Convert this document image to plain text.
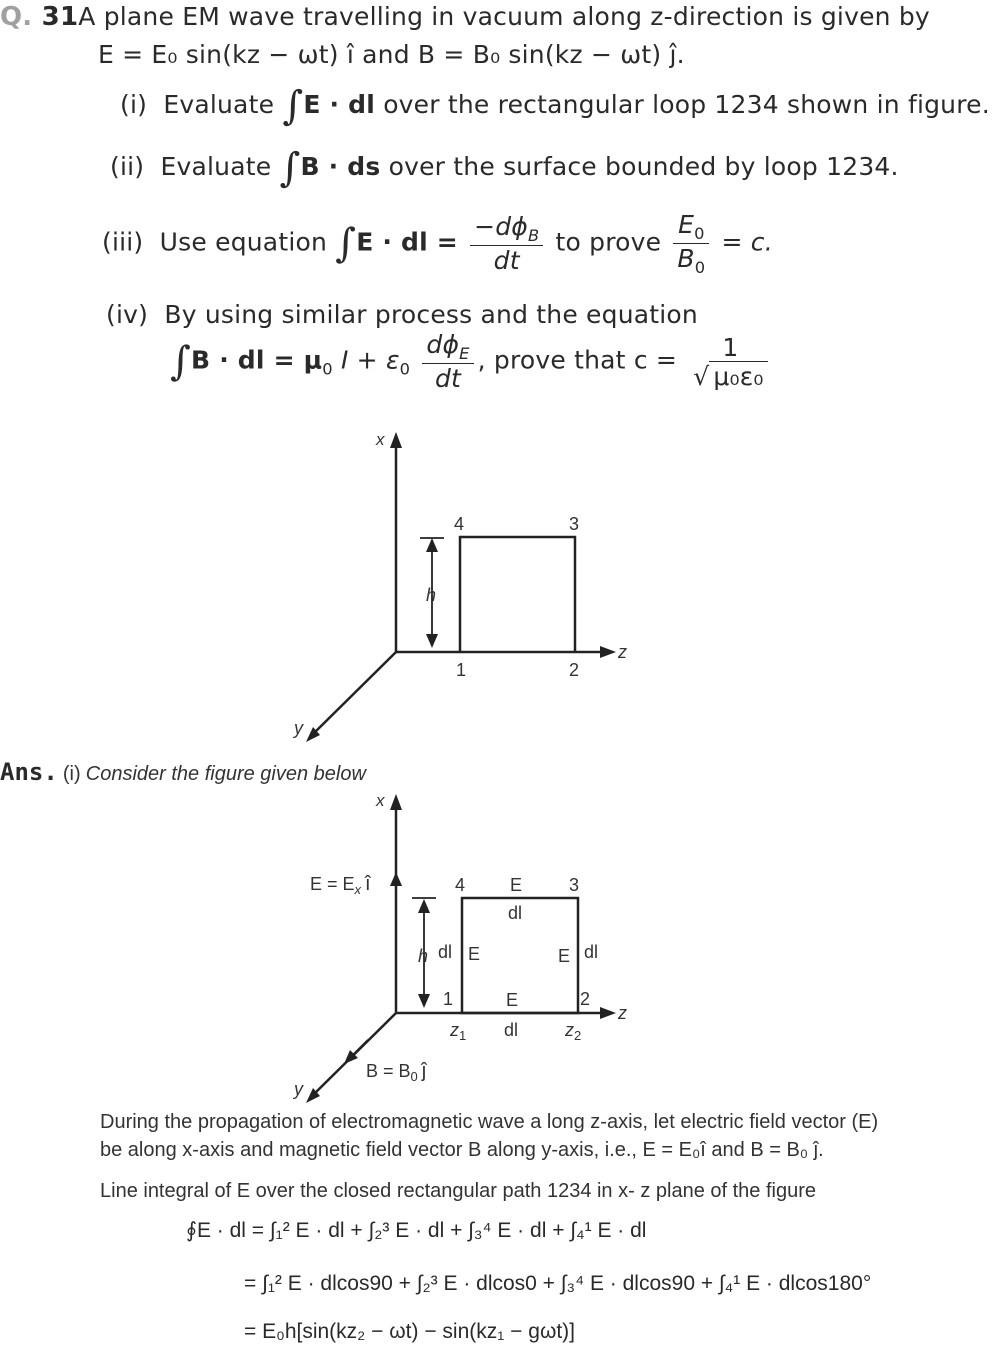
Q. 31A plane EM wave travelling in vacuum along z-direction is given by
E = E₀ sin(kz − ωt) î and B = B₀ sin(kz − ωt) ĵ.
(i) Evaluate ∫E · dl over the rectangular loop 1234 shown in figure.
(ii) Evaluate ∫B · ds over the surface bounded by loop 1234.
(iii) Use equation ∫E · dl = $\frac{-d\phi_B}{dt}$ to prove $\frac{E_0}{B_0} = c$.
(iv) By using similar process and the equation
∫B · dl = $\mu_0$ $I + \varepsilon_0 \frac{d\phi_E}{dt}$ , prove that c =	1
√ μ₀ε₀
x
z
y
4	3
1	2
h
Ans. (i) Consider the figure given below
x
z
y
$E = E_x$ î
$B = B_0$ ĵ
4	3
1	2
E
dl
E
dl
h	E dl
E
dl
$z_1$	$z_2$
During the propagation of electromagnetic wave a long z-axis, let electric field vector (E)
be along x-axis and magnetic field vector B along y-axis, i.e., E = E₀î and B = B₀ ĵ.
Line integral of E over the closed rectangular path 1234 in x- z plane of the figure
∮E · dl = ∫₁² E · dl + ∫₂³ E · dl + ∫₃⁴ E · dl + ∫₄¹ E · dl
= ∫₁² E · dlcos90 + ∫₂³ E · dlcos0 + ∫₃⁴ E · dlcos90 + ∫₄¹ E · dlcos180°
= E₀h[sin(kz₂ − ωt) − sin(kz₁ − gωt)]
